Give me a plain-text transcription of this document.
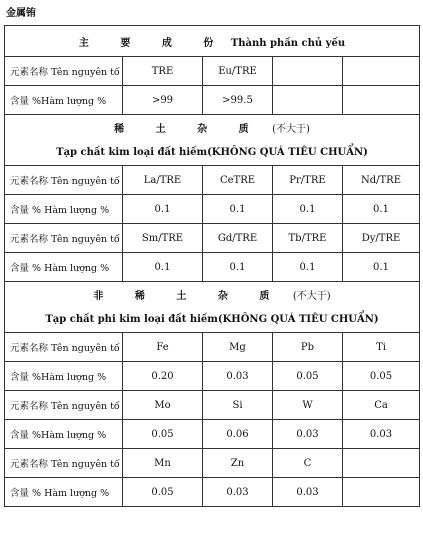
金属铕
主 要 成 份 Thành phần chủ yếu				
元素名称 Tên nguyên tố	TRE	Eu/TRE		
含量 %Hàm lượng %	>99	>99.5		
稀 土 杂 质 (不大于)				
Tạp chất kim loại đất hiếm(KHÔNG QUÁ TIÊU CHUẨN)				
元素名称 Tên nguyên tố	La/TRE	CeTRE	Pr/TRE	Nd/TRE
含量 % Hàm lượng %	0.1	0.1	0.1	0.1
元素名称 Tên nguyên tố	Sm/TRE	Gd/TRE	Tb/TRE	Dy/TRE
含量 % Hàm lượng %	0.1	0.1	0.1	0.1
非 稀 土 杂 质 (不大于)				
Tạp chất phi kim loại đất hiếm(KHÔNG QUÁ TIÊU CHUẨN)				
元素名称 Tên nguyên tố	Fe	Mg	Pb	Ti
含量 %Hàm lượng %	0.20	0.03	0.05	0.05
元素名称 Tên nguyên tố	Mo	Si	W	Ca
含量 %Hàm lượng %	0.05	0.06	0.03	0.03
元素名称 Tên nguyên tố	Mn	Zn	C	
含量 % Hàm lượng %	0.05	0.03	0.03	
